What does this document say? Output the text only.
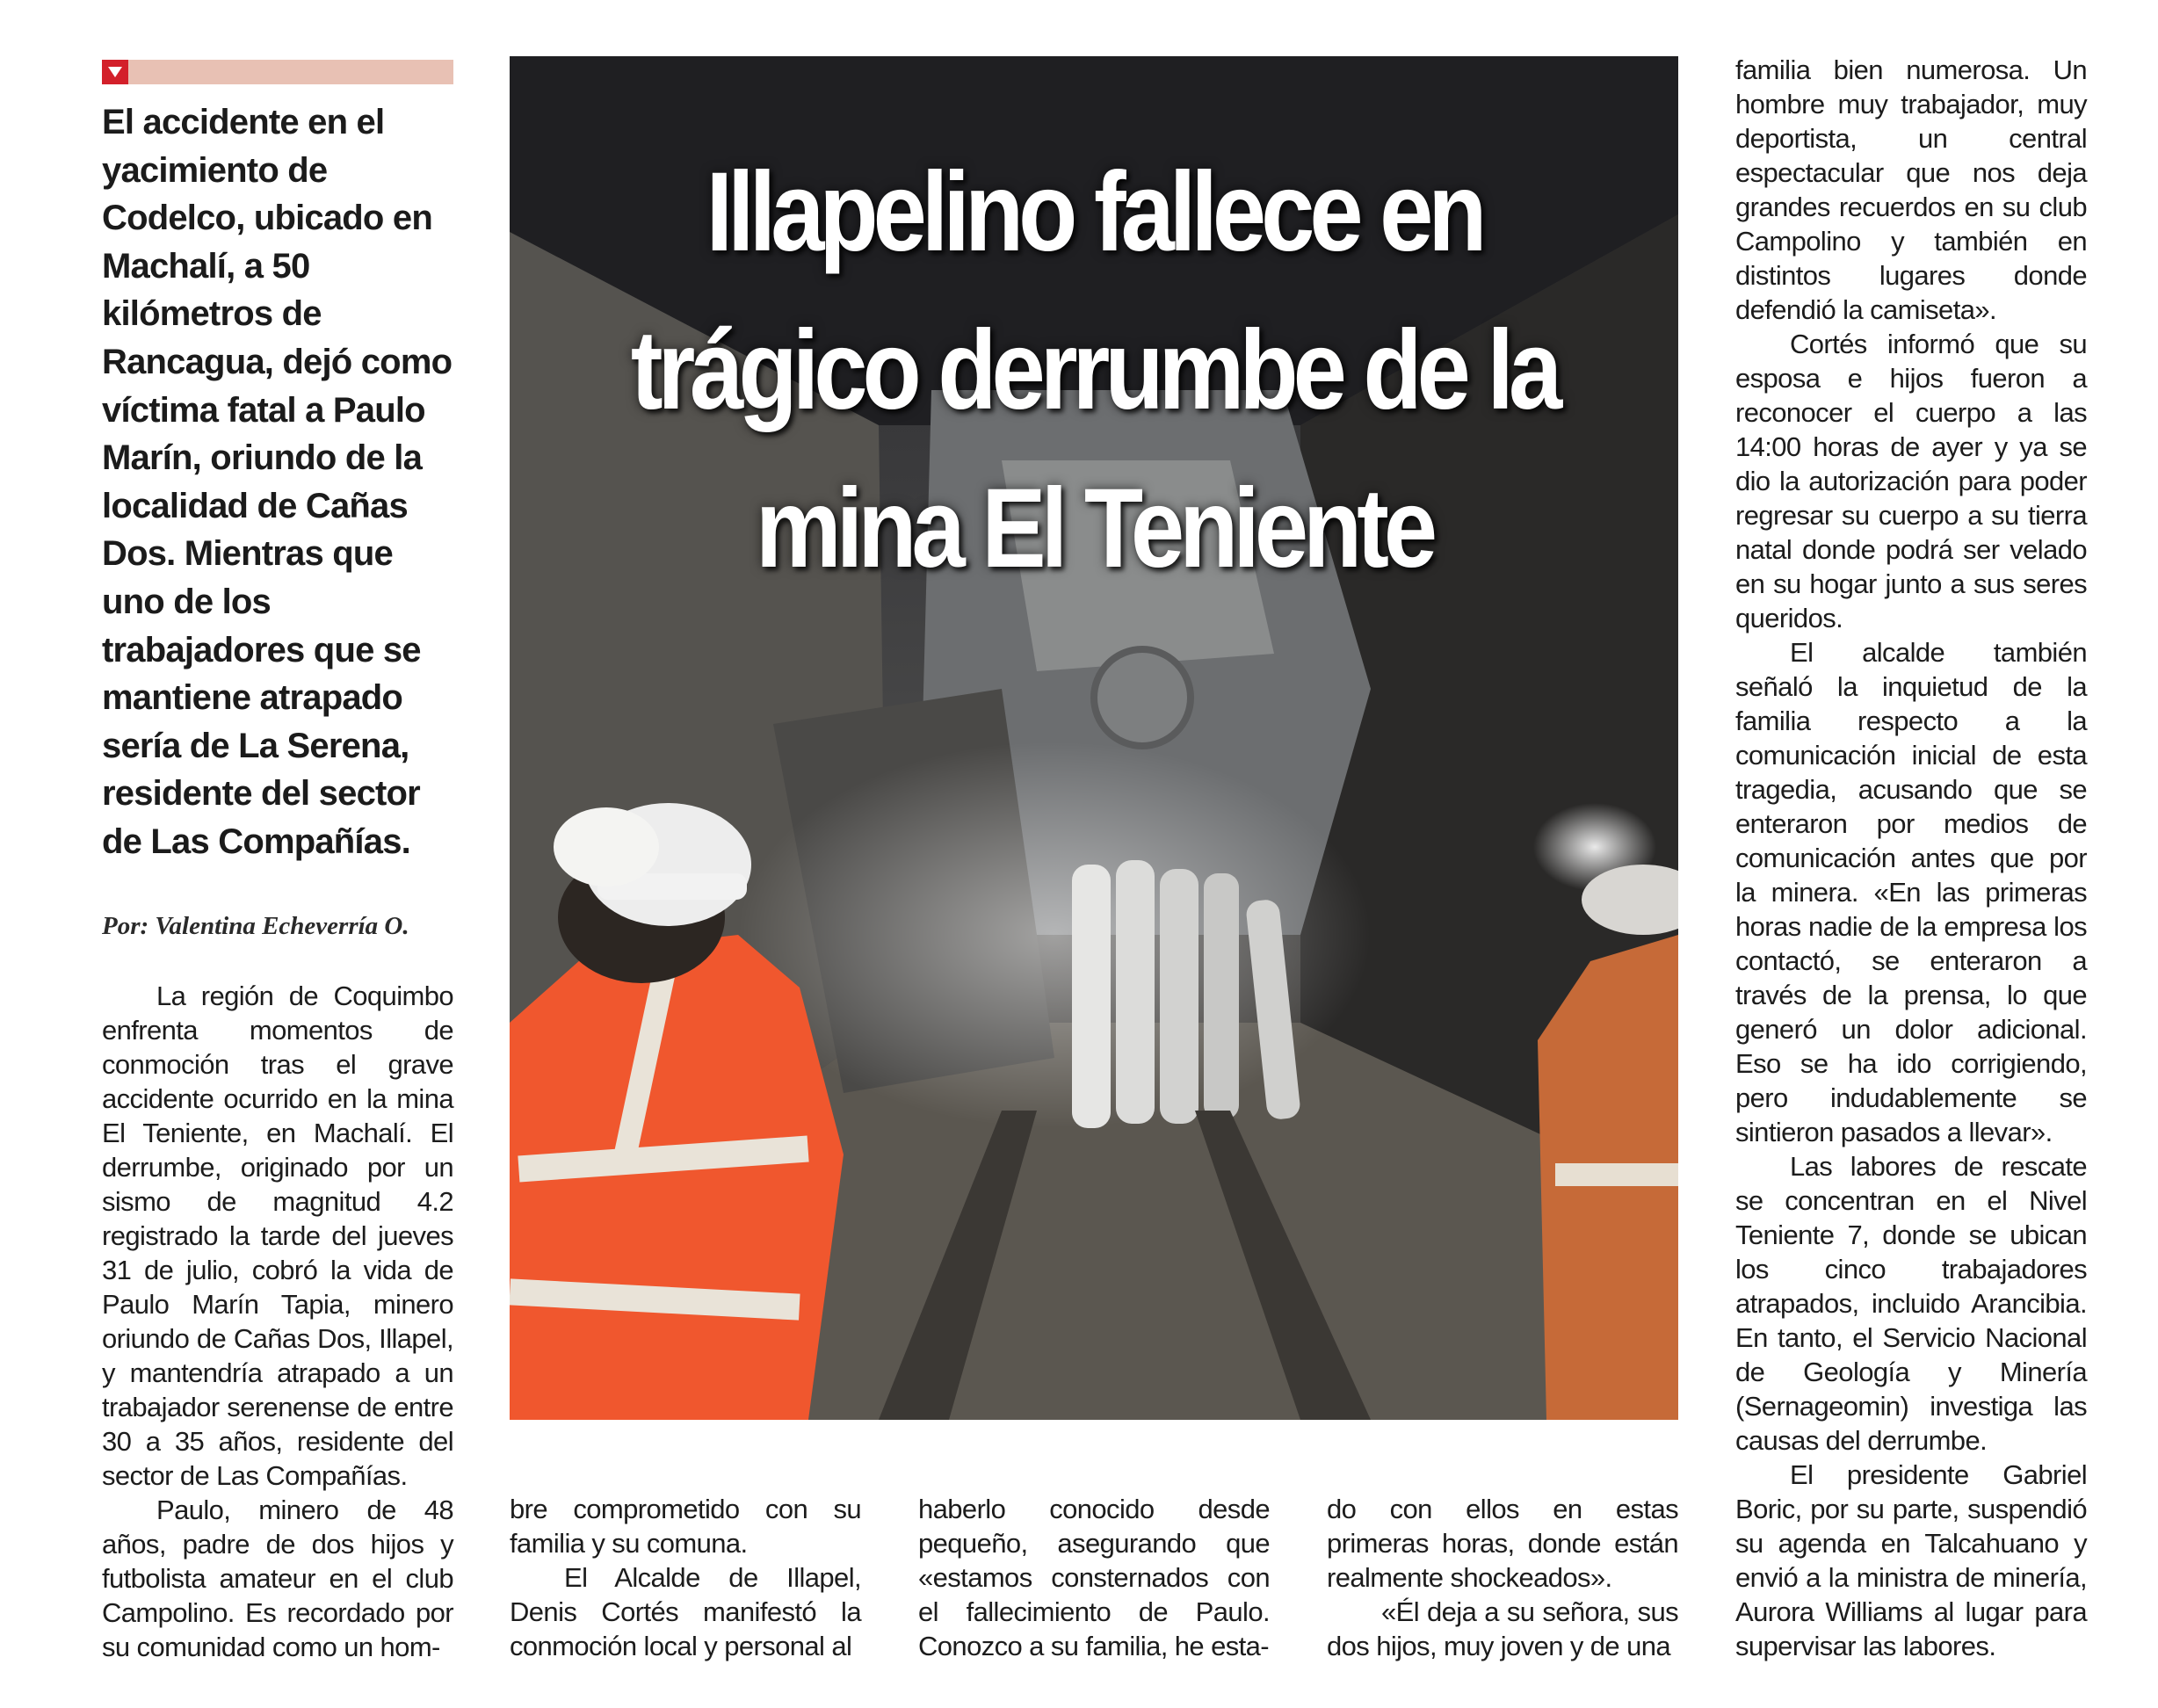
El accidente en el yacimiento de Codelco, ubicado en Machalí, a 50 kilómetros de Rancagua, dejó como víctima fatal a Paulo Marín, oriundo de la localidad de Cañas Dos. Mientras que uno de los trabajadores que se mantiene atrapado sería de La Serena, residente del sector de Las Compañías.

Por: Valentina Echeverría O.

La región de Coquimbo enfrenta momentos de conmoción tras el grave accidente ocurrido en la mina El Teniente, en Machalí. El derrumbe, originado por un sismo de magnitud 4.2 registrado la tarde del jueves 31 de julio, cobró la vida de Paulo Marín Tapia, minero oriundo de Cañas Dos, Illapel, y mantendría atrapado a un trabajador serenense de entre 30 a 35 años, residente del sector de Las Compañías.

Paulo, minero de 48 años, padre de dos hijos y futbolista amateur en el club Campolino. Es recordado por su comunidad como un hom-

Illapelino fallece en trágico derrumbe de la mina El Teniente

bre comprometido con su familia y su comuna.

El Alcalde de Illapel, Denis Cortés manifestó la conmoción local y personal al

haberlo conocido desde pequeño, asegurando que «estamos consternados con el fallecimiento de Paulo. Conozco a su familia, he esta-

do con ellos en estas primeras horas, donde están realmente shockeados».

«Él deja a su señora, sus dos hijos, muy joven y de una

familia bien numerosa. Un hombre muy trabajador, muy deportista, un central espectacular que nos deja grandes recuerdos en su club Campolino y también en distintos lugares donde defendió la camiseta».

Cortés informó que su esposa e hijos fueron a reconocer el cuerpo a las 14:00 horas de ayer y ya se dio la autorización para poder regresar su cuerpo a su tierra natal donde podrá ser velado en su hogar junto a sus seres queridos.

El alcalde también señaló la inquietud de la familia respecto a la comunicación inicial de esta tragedia, acusando que se enteraron por medios de comunicación antes que por la minera. «En las primeras horas nadie de la empresa los contactó, se enteraron a través de la prensa, lo que generó un dolor adicional. Eso se ha ido corrigiendo, pero indudablemente se sintieron pasados a llevar».

Las labores de rescate se concentran en el Nivel Teniente 7, donde se ubican los cinco trabajadores atrapados, incluido Arancibia. En tanto, el Servicio Nacional de Geología y Minería (Sernageomin) investiga las causas del derrumbe.

El presidente Gabriel Boric, por su parte, suspendió su agenda en Talcahuano y envió a la ministra de minería, Aurora Williams al lugar para supervisar las labores.
